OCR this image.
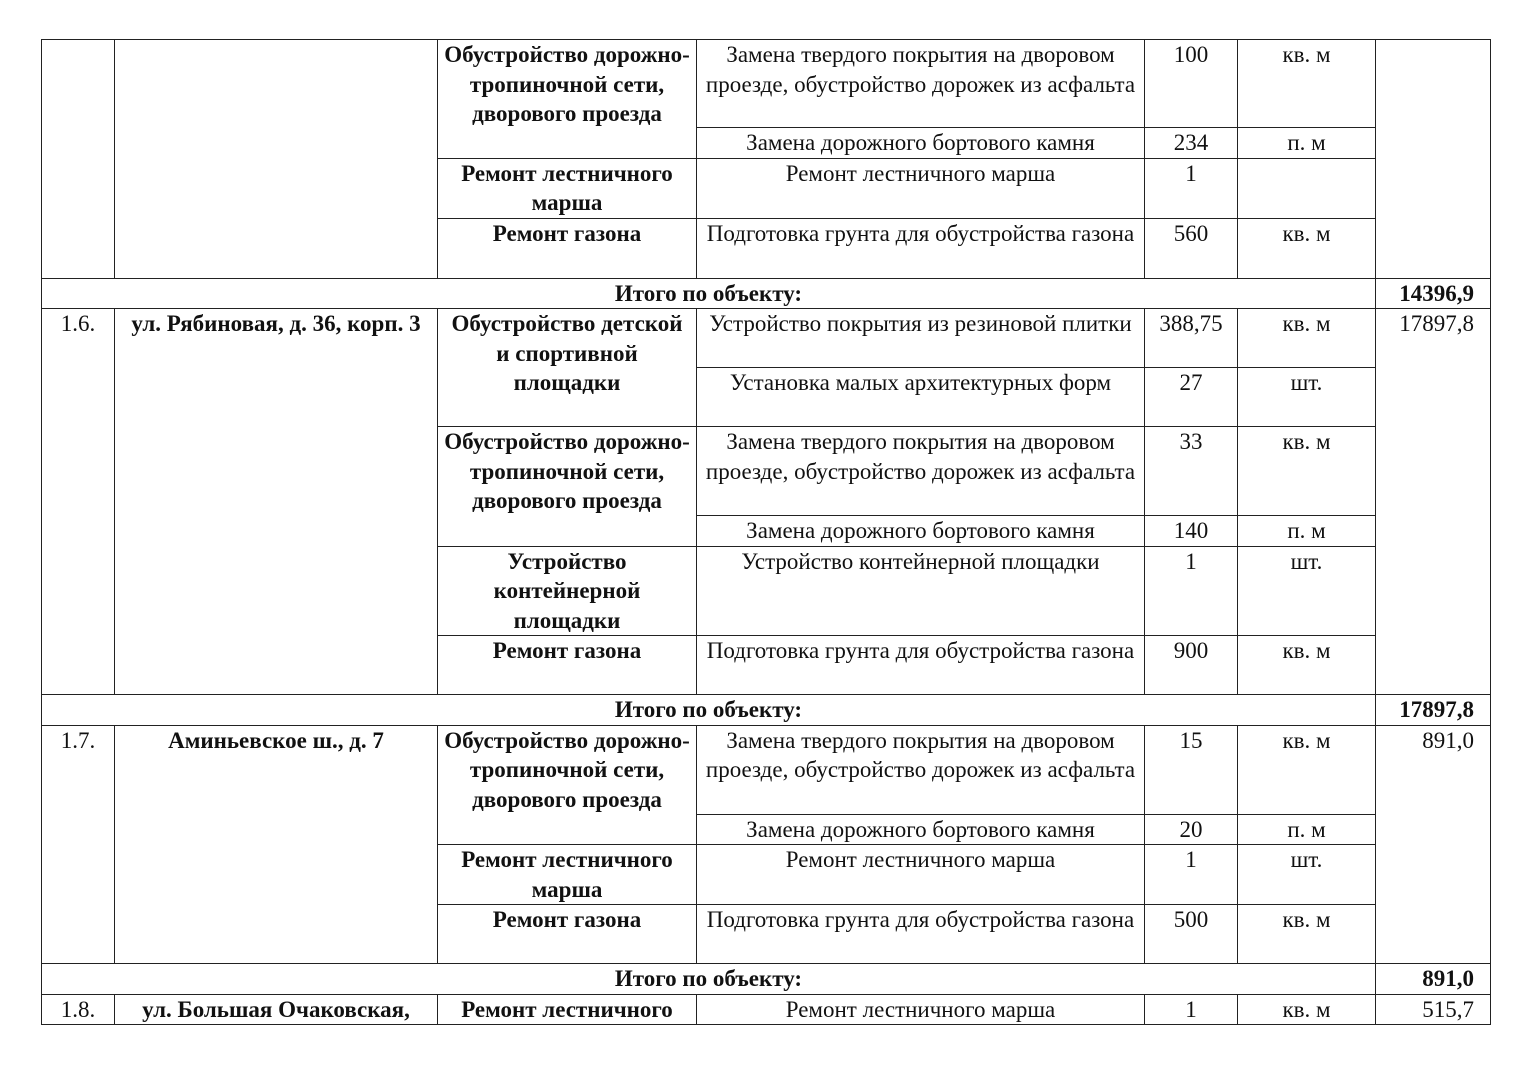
		Обустройство дорожно-тропиночной сети, дворового проезда	Замена твердого покрытия на дворовом проезде, обустройство дорожек из асфальта	100	кв. м	
			Замена дорожного бортового камня	234	п. м	
		Ремонт лестничного марша	Ремонт лестничного марша	1		
		Ремонт газона	Подготовка грунта для обустройства газона	560	кв. м	
Итого по объекту:						14396,9
1.6.	ул. Рябиновая, д. 36, корп. 3	Обустройство детской и спортивной площадки	Устройство покрытия из резиновой плитки	388,75	кв. м	17897,8
			Установка малых архитектурных форм	27	шт.	
		Обустройство дорожно-тропиночной сети, дворового проезда	Замена твердого покрытия на дворовом проезде, обустройство дорожек из асфальта	33	кв. м	
			Замена дорожного бортового камня	140	п. м	
		Устройство контейнерной площадки	Устройство контейнерной площадки	1	шт.	
		Ремонт газона	Подготовка грунта для обустройства газона	900	кв. м	
Итого по объекту:						17897,8
1.7.	Аминьевское ш., д. 7	Обустройство дорожно-тропиночной сети, дворового проезда	Замена твердого покрытия на дворовом проезде, обустройство дорожек из асфальта	15	кв. м	891,0
			Замена дорожного бортового камня	20	п. м	
		Ремонт лестничного марша	Ремонт лестничного марша	1	шт.	
		Ремонт газона	Подготовка грунта для обустройства газона	500	кв. м	
Итого по объекту:						891,0
1.8.	ул. Большая Очаковская,	Ремонт лестничного	Ремонт лестничного марша	1	кв. м	515,7
